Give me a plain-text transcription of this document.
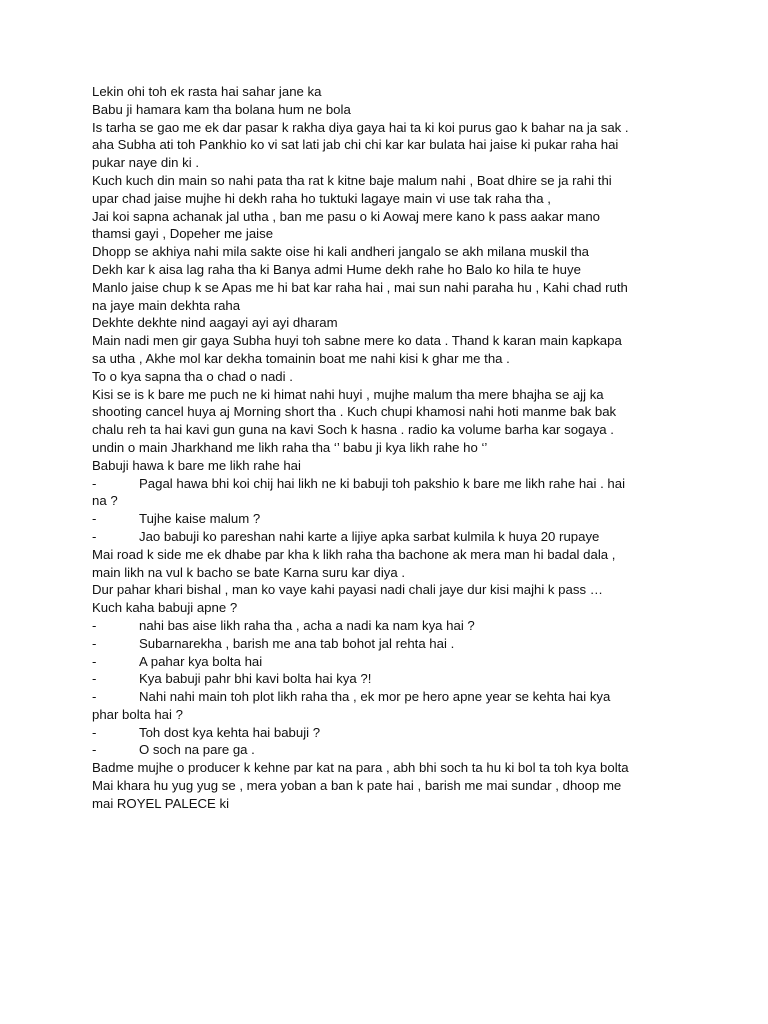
Lekin ohi toh ek rasta hai sahar jane ka
Babu ji hamara kam tha bolana hum ne bola
Is tarha se gao me ek dar pasar k rakha diya gaya hai ta ki koi purus gao k bahar na ja sak .
aha Subha ati toh Pankhio ko vi sat lati jab chi chi kar kar bulata hai jaise ki pukar raha hai
pukar naye din ki .
Kuch kuch din main so nahi pata tha rat k kitne baje malum nahi , Boat dhire se ja rahi thi
upar chad jaise mujhe hi dekh raha ho tuktuki lagaye main vi use tak raha tha ,
Jai koi sapna achanak jal utha , ban me pasu o ki Aowaj mere kano k pass aakar mano
thamsi gayi , Dopeher me jaise
Dhopp se akhiya nahi mila sakte oise hi kali andheri jangalo se akh milana muskil tha
Dekh kar k aisa lag raha tha ki Banya admi Hume dekh rahe ho Balo ko hila te huye
Manlo jaise chup k se Apas me hi bat kar raha hai , mai sun nahi paraha hu , Kahi chad ruth
na jaye main dekhta raha
Dekhte dekhte nind aagayi ayi ayi dharam
Main nadi men gir gaya Subha huyi toh sabne mere ko data . Thand k karan main kapkapa
sa utha , Akhe mol kar dekha tomainin boat me nahi kisi k ghar me tha .
To o kya sapna tha o chad o nadi .
Kisi se is k bare me puch ne ki himat nahi huyi , mujhe malum tha mere bhajha se ajj ka
shooting cancel huya aj Morning short tha . Kuch chupi khamosi nahi hoti manme bak bak
chalu reh ta hai kavi gun guna na kavi Soch k hasna . radio ka volume barha kar sogaya .
undin o main Jharkhand me likh raha tha ‘’ babu ji kya likh rahe ho ‘’
Babuji hawa k bare me likh rahe hai
-	Pagal hawa bhi koi chij hai likh ne ki babuji toh pakshio k bare me likh rahe hai . hai
na ?
-	Tujhe kaise malum ?
-	Jao babuji ko pareshan nahi karte a lijiye apka sarbat kulmila k huya 20 rupaye
Mai road k side me ek dhabe par kha k likh raha tha bachone ak mera man hi badal dala ,
main likh na vul k bacho se bate Karna suru kar diya .
Dur pahar khari bishal , man ko vaye kahi payasi nadi chali jaye dur kisi majhi k pass …
Kuch kaha babuji apne ?
-	nahi bas aise likh raha tha , acha a nadi ka nam kya hai ?
-	Subarnarekha , barish me ana tab bohot jal rehta hai .
-	A pahar kya bolta hai
-	Kya babuji pahr bhi kavi bolta hai kya ?!
-	Nahi nahi main toh plot likh raha tha , ek mor pe hero apne year se kehta hai kya
phar bolta hai ?
-	Toh dost kya kehta hai babuji ?
-	O soch na pare ga .
Badme mujhe o producer k kehne par kat na para , abh bhi soch ta hu ki bol ta toh kya bolta
Mai khara hu yug yug se , mera yoban a ban k pate hai , barish me mai sundar , dhoop me
mai ROYEL PALECE ki
